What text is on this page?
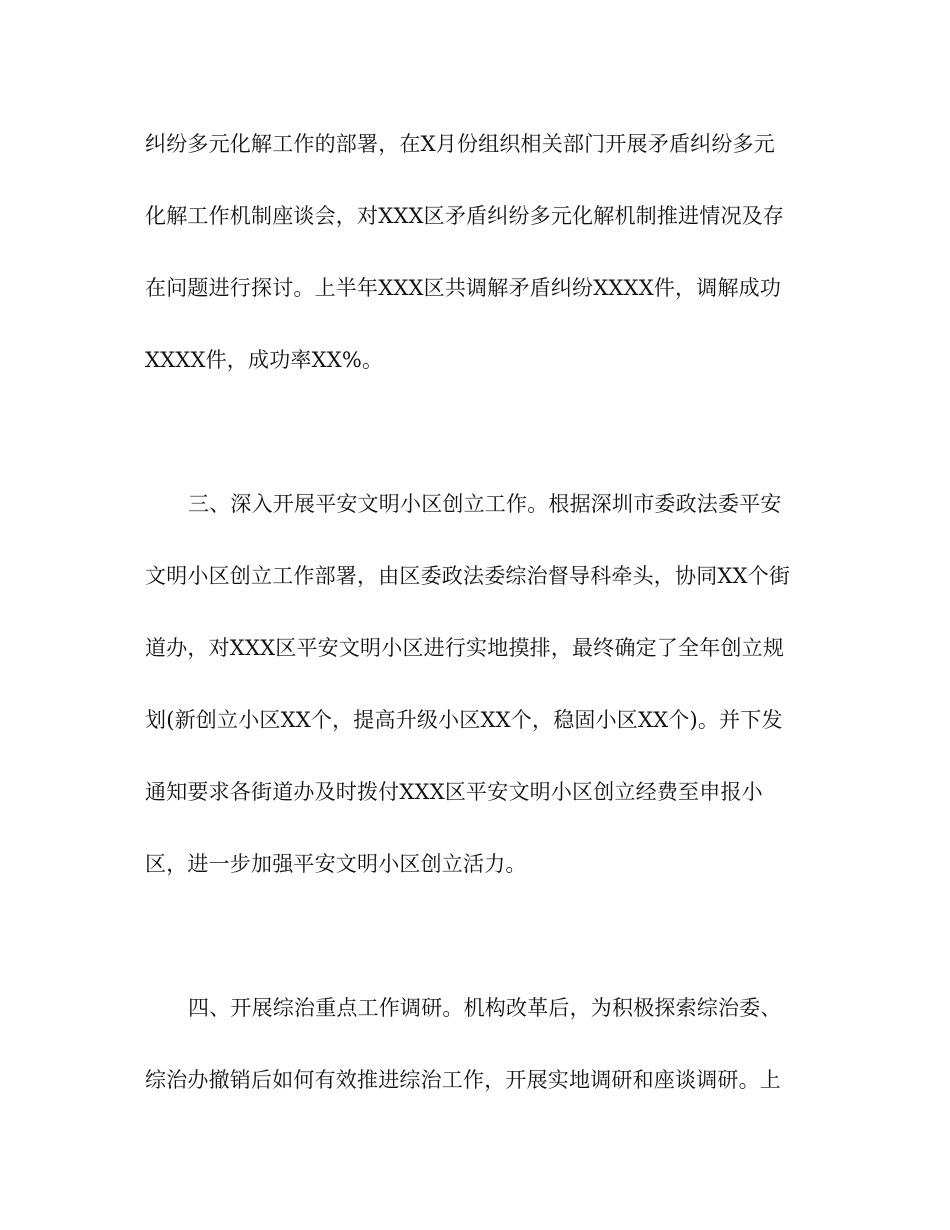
纠纷多元化解工作的部署，在X月份组织相关部门开展矛盾纠纷多元
化解工作机制座谈会，对XXX区矛盾纠纷多元化解机制推进情况及存
在问题进行探讨。上半年XXX区共调解矛盾纠纷XXXX件，调解成功
XXXX件，成功率XX%。
三、深入开展平安文明小区创立工作。根据深圳市委政法委平安
文明小区创立工作部署，由区委政法委综治督导科牵头，协同XX个街
道办，对XXX区平安文明小区进行实地摸排，最终确定了全年创立规
划(新创立小区XX个，提高升级小区XX个，稳固小区XX个)。并下发
通知要求各街道办及时拨付XXX区平安文明小区创立经费至申报小
区，进一步加强平安文明小区创立活力。
四、开展综治重点工作调研。机构改革后，为积极探索综治委、
综治办撤销后如何有效推进综治工作，开展实地调研和座谈调研。上
